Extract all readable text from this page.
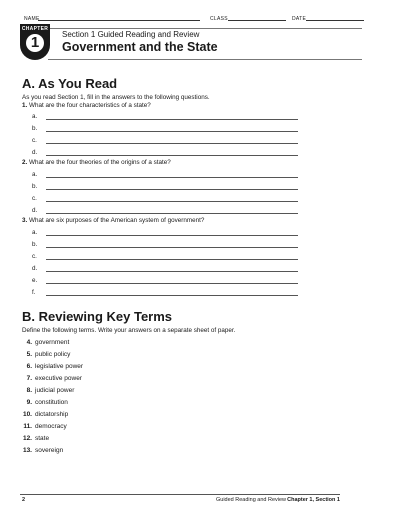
NAME	CLASS	DATE
CHAPTER
1	Section 1 Guided Reading and Review
Government and the State
A. As You Read
As you read Section 1, fill in the answers to the following questions.
1. What are the four characteristics of a state?
a.
b.
c.
d.
2. What are the four theories of the origins of a state?
a.
b.
c.
d.
3. What are six purposes of the American system of government?
a.
b.
c.
d.
e.
f.
B. Reviewing Key Terms
Define the following terms. Write your answers on a separate sheet of paper.
4. government
5. public policy
6. legislative power
7. executive power
8. judicial power
9. constitution
10. dictatorship
11. democracy
12. state
13. sovereign
2	Guided Reading and Review Chapter 1, Section 1
